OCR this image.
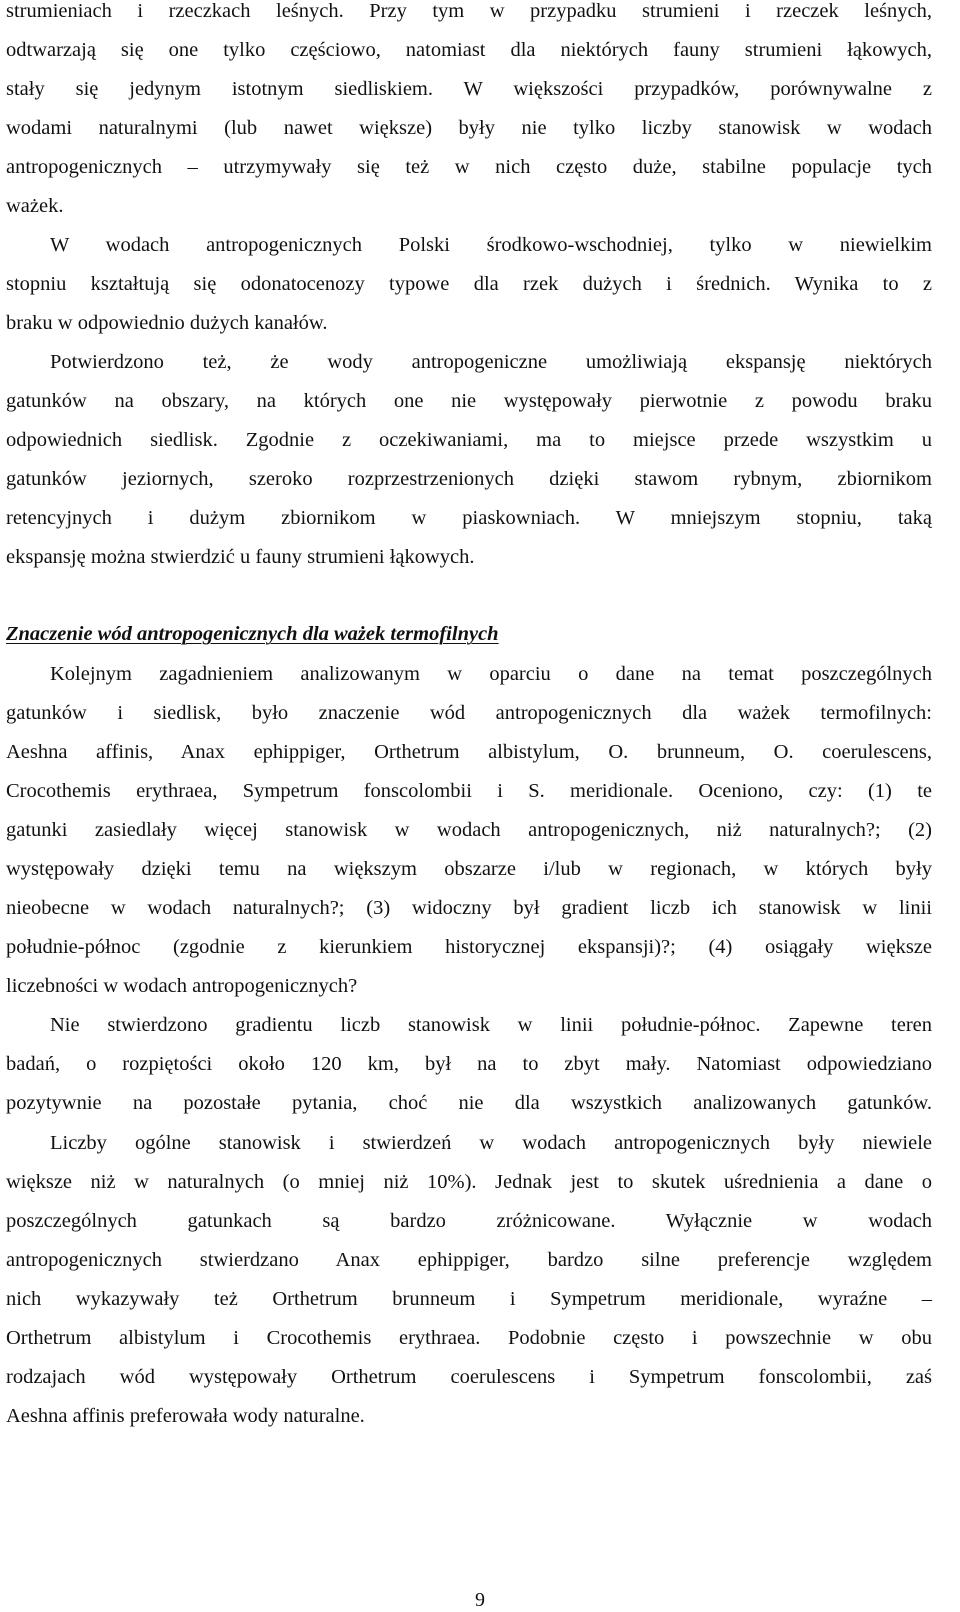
strumieniach i rzeczkach leśnych. Przy tym w przypadku strumieni i rzeczek leśnych,
odtwarzają się one tylko częściowo, natomiast dla niektórych fauny strumieni łąkowych,
stały się jedynym istotnym siedliskiem. W większości przypadków, porównywalne z
wodami naturalnymi (lub nawet większe) były nie tylko liczby stanowisk w wodach
antropogenicznych – utrzymywały się też w nich często duże, stabilne populacje tych
ważek.
W wodach antropogenicznych Polski środkowo-wschodniej, tylko w niewielkim
stopniu kształtują się odonatocenozy typowe dla rzek dużych i średnich. Wynika to z
braku w odpowiednio dużych kanałów.
Potwierdzono też, że wody antropogeniczne umożliwiają ekspansję niektórych
gatunków na obszary, na których one nie występowały pierwotnie z powodu braku
odpowiednich siedlisk. Zgodnie z oczekiwaniami, ma to miejsce przede wszystkim u
gatunków jeziornych, szeroko rozprzestrzenionych dzięki stawom rybnym, zbiornikom
retencyjnych i dużym zbiornikom w piaskowniach. W mniejszym stopniu, taką
ekspansję można stwierdzić u fauny strumieni łąkowych.
Znaczenie wód antropogenicznych dla ważek termofilnych
Kolejnym zagadnieniem analizowanym w oparciu o dane na temat poszczególnych
gatunków i siedlisk, było znaczenie wód antropogenicznych dla ważek termofilnych:
Aeshna affinis, Anax ephippiger, Orthetrum albistylum, O. brunneum, O. coerulescens,
Crocothemis erythraea, Sympetrum fonscolombii i S. meridionale. Oceniono, czy: (1) te
gatunki zasiedlały więcej stanowisk w wodach antropogenicznych, niż naturalnych?; (2)
występowały dzięki temu na większym obszarze i/lub w regionach, w których były
nieobecne w wodach naturalnych?; (3) widoczny był gradient liczb ich stanowisk w linii
południe-północ (zgodnie z kierunkiem historycznej ekspansji)?; (4) osiągały większe
liczebności w wodach antropogenicznych?
Nie stwierdzono gradientu liczb stanowisk w linii południe-północ. Zapewne teren
badań, o rozpiętości około 120 km, był na to zbyt mały. Natomiast odpowiedziano
pozytywnie na pozostałe pytania, choć nie dla wszystkich analizowanych gatunków.
Liczby ogólne stanowisk i stwierdzeń w wodach antropogenicznych były niewiele
większe niż w naturalnych (o mniej niż 10%). Jednak jest to skutek uśrednienia a dane o
poszczególnych gatunkach są bardzo zróżnicowane. Wyłącznie w wodach
antropogenicznych stwierdzano Anax ephippiger, bardzo silne preferencje względem
nich wykazywały też Orthetrum brunneum i Sympetrum meridionale, wyraźne –
Orthetrum albistylum i Crocothemis erythraea. Podobnie często i powszechnie w obu
rodzajach wód występowały Orthetrum coerulescens i Sympetrum fonscolombii, zaś
Aeshna affinis preferowała wody naturalne.
9
